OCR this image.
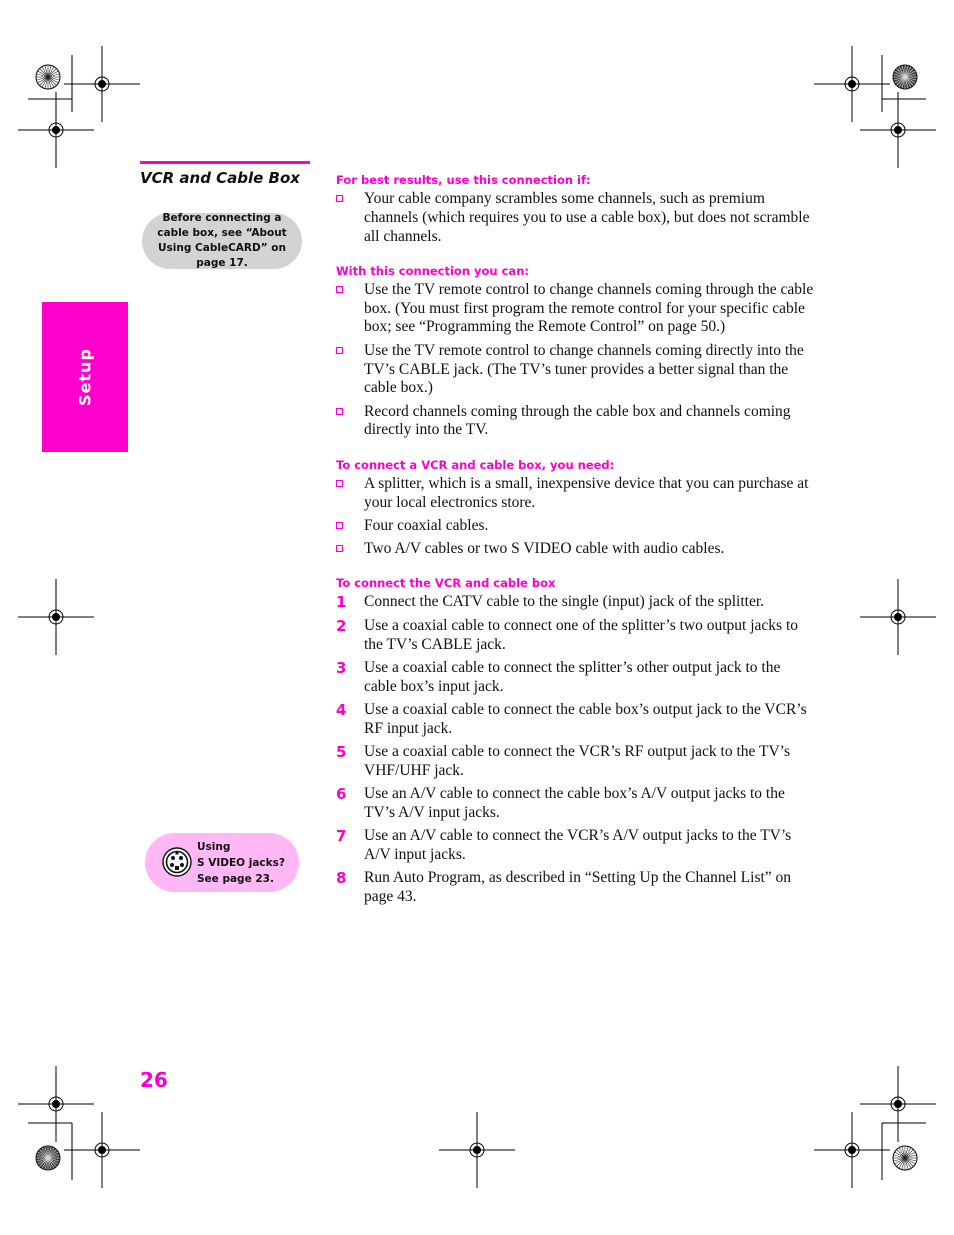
VCR and Cable Box
Before connecting a cable box, see “About Using CableCARD” on page 17.
Setup
Using
S VIDEO jacks?
See page 23.
26

For best results, use this connection if:

Your cable company scrambles some channels, such as premium channels (which requires you to use a cable box), but does not scramble all channels.

With this connection you can:

Use the TV remote control to change channels coming through the cable box. (You must first program the remote control for your specific cable box; see “Programming the Remote Control” on page 50.)
Use the TV remote control to change channels coming directly into the TV’s CABLE jack. (The TV’s tuner provides a better signal than the cable box.)
Record channels coming through the cable box and channels coming directly into the TV.

To connect a VCR and cable box, you need:

A splitter, which is a small, inexpensive device that you can purchase at your local electronics store.
Four coaxial cables.
Two A/V cables or two S VIDEO cable with audio cables.

To connect the VCR and cable box

1 Connect the CATV cable to the single (input) jack of the splitter.
2 Use a coaxial cable to connect one of the splitter’s two output jacks to the TV’s CABLE jack.
3 Use a coaxial cable to connect the splitter’s other output jack to the cable box’s input jack.
4 Use a coaxial cable to connect the cable box’s output jack to the VCR’s RF input jack.
5 Use a coaxial cable to connect the VCR’s RF output jack to the TV’s VHF/UHF jack.
6 Use an A/V cable to connect the cable box’s A/V output jacks to the TV’s A/V input jacks.
7 Use an A/V cable to connect the VCR’s A/V output jacks to the TV’s A/V input jacks.
8 Run Auto Program, as described in “Setting Up the Channel List” on page 43.
